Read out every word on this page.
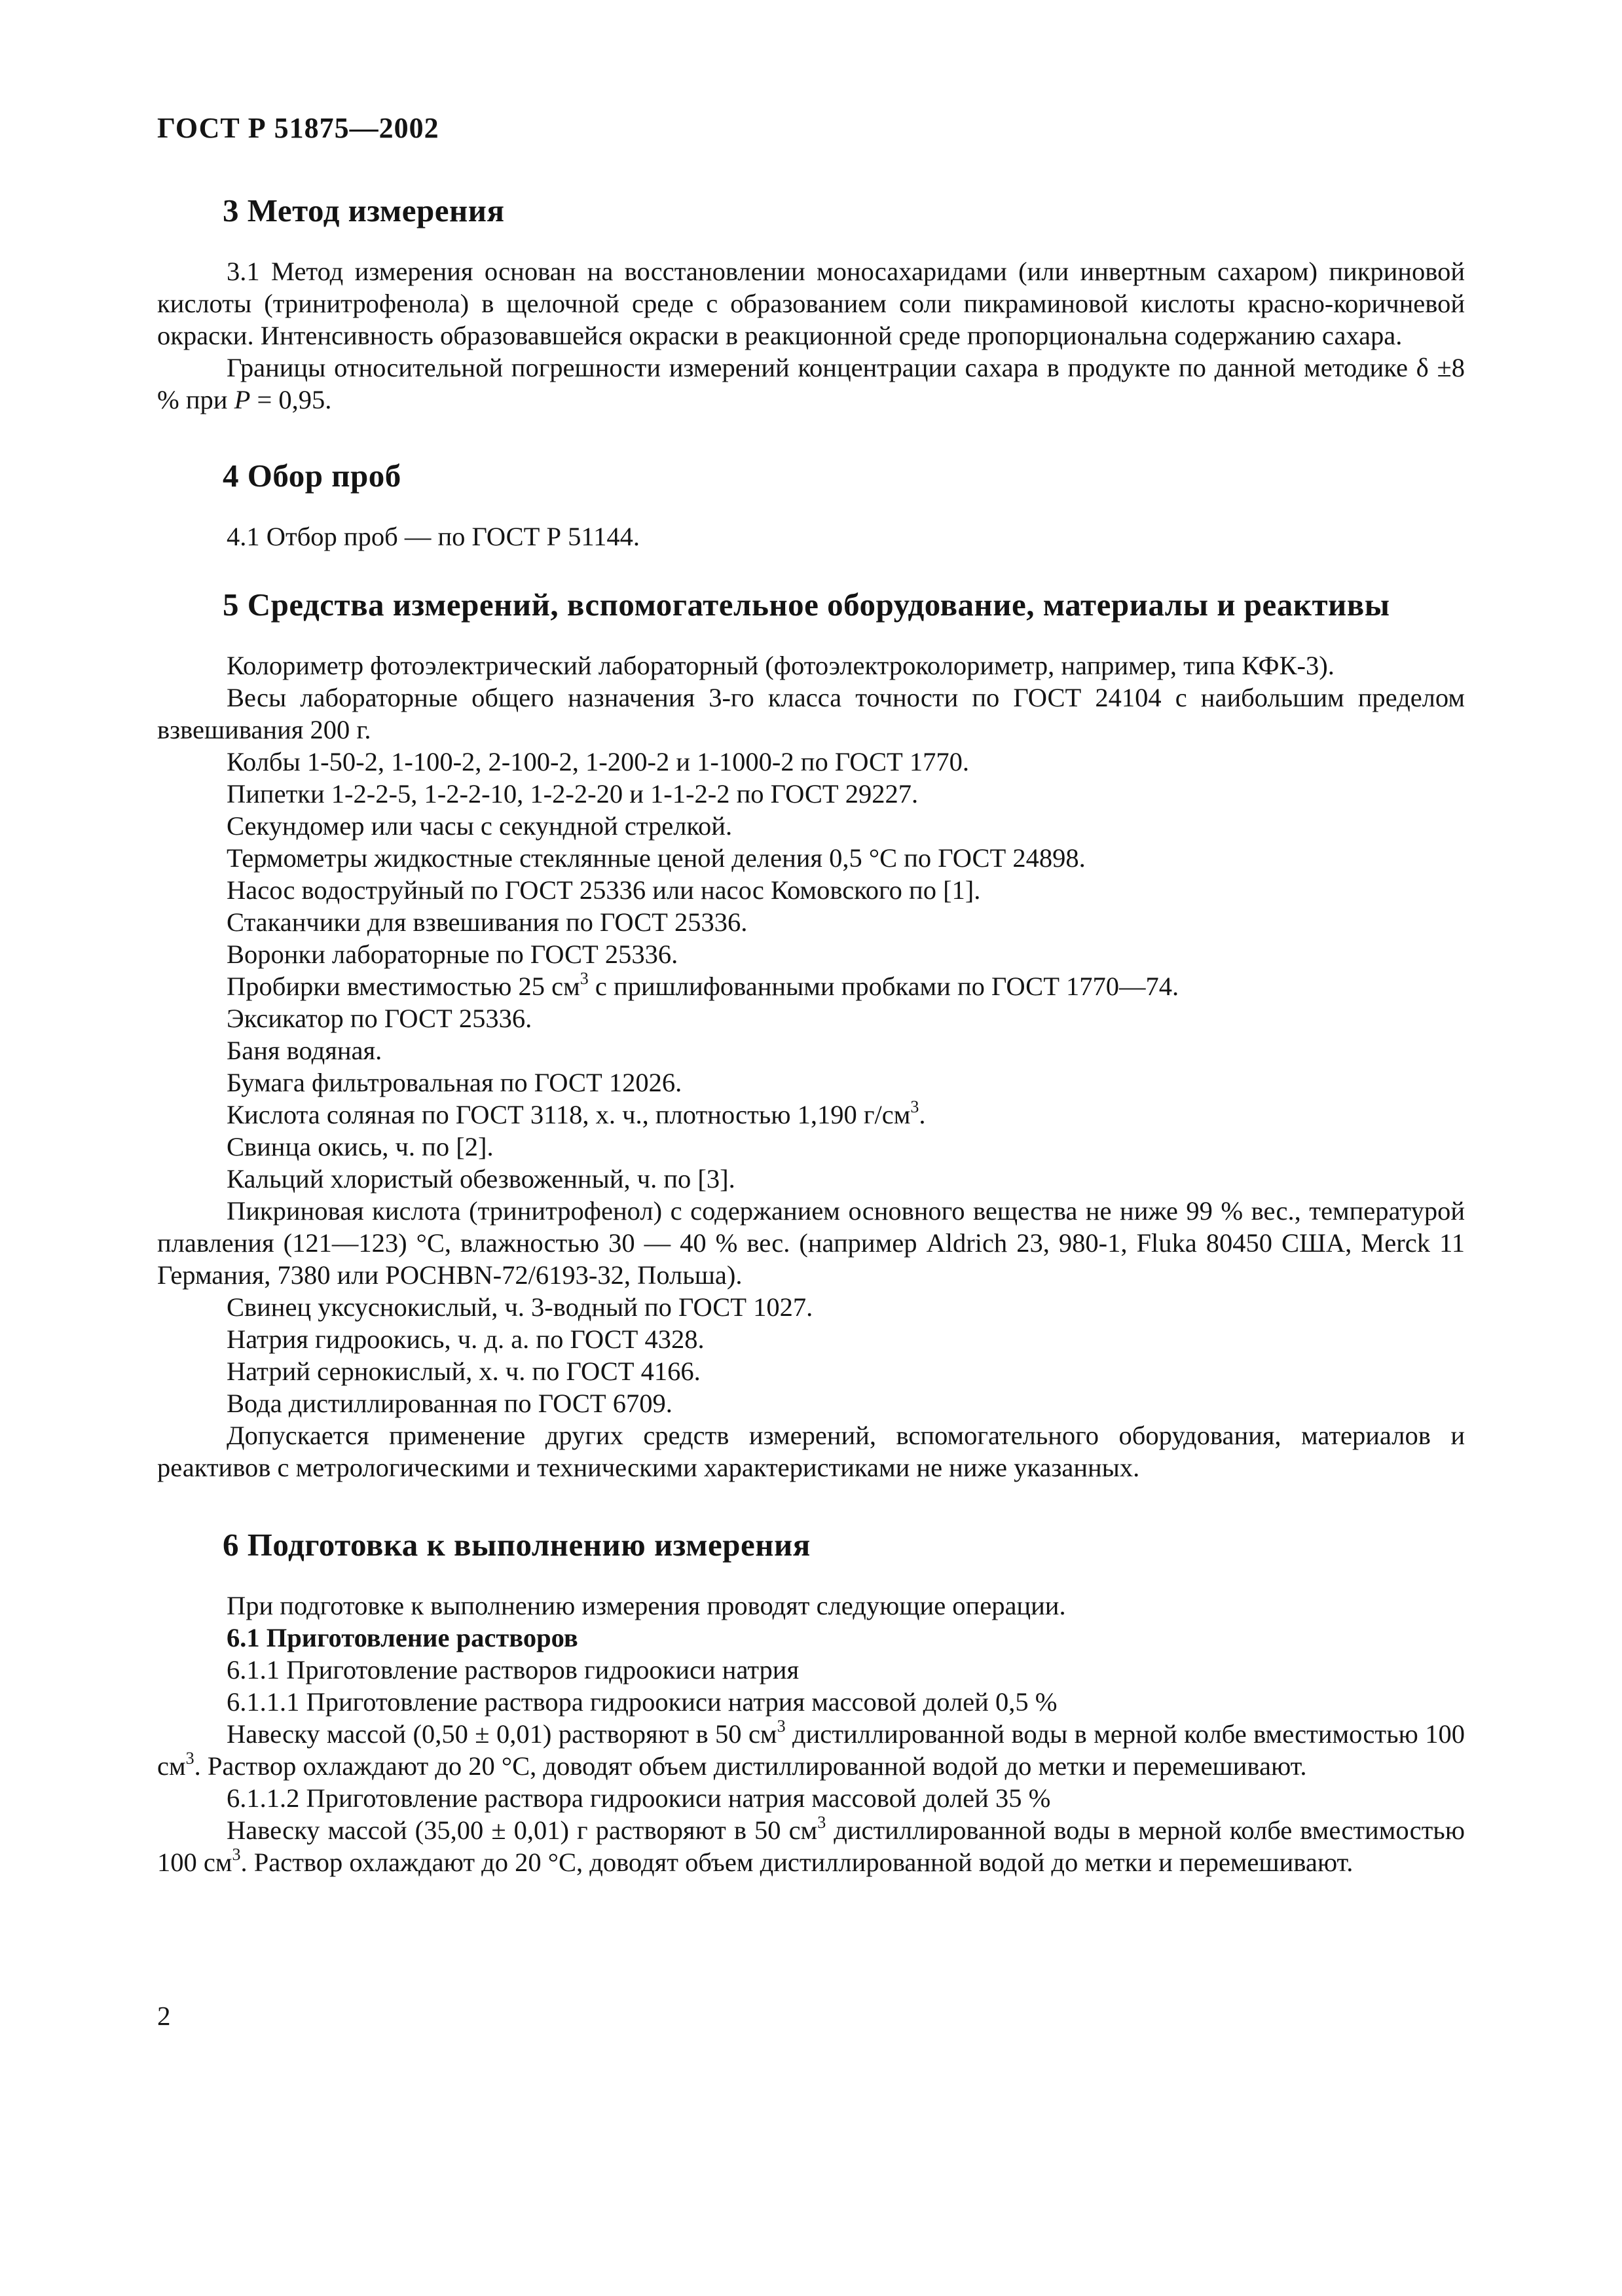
ГОСТ Р 51875—2002
3 Метод измерения

3.1 Метод измерения основан на восстановлении моносахаридами (или инвертным сахаром) пикриновой кислоты (тринитрофенола) в щелочной среде с образованием соли пикраминовой кислоты красно-коричневой окраски. Интенсивность образовавшейся окраски в реакционной среде пропорциональна содержанию сахара.

Границы относительной погрешности измерений концентрации сахара в продукте по данной методике δ ±8 % при P = 0,95.

4 Обор проб

4.1 Отбор проб — по ГОСТ Р 51144.

5 Средства измерений, вспомогательное оборудование, материалы и реактивы

Колориметр фотоэлектрический лабораторный (фотоэлектроколориметр, например, типа КФК-3).

Весы лабораторные общего назначения 3-го класса точности по ГОСТ 24104 с наибольшим пределом взвешивания 200 г.

Колбы 1-50-2, 1-100-2, 2-100-2, 1-200-2 и 1-1000-2 по ГОСТ 1770.

Пипетки 1-2-2-5, 1-2-2-10, 1-2-2-20 и 1-1-2-2 по ГОСТ 29227.

Секундомер или часы с секундной стрелкой.

Термометры жидкостные стеклянные ценой деления 0,5 °С по ГОСТ 24898.

Насос водоструйный по ГОСТ 25336 или насос Комовского по [1].

Стаканчики для взвешивания по ГОСТ 25336.

Воронки лабораторные по ГОСТ 25336.

Пробирки вместимостью 25 $см^3$ с пришлифованными пробками по ГОСТ 1770—74.

Эксикатор по ГОСТ 25336.

Баня водяная.

Бумага фильтровальная по ГОСТ 12026.

Кислота соляная по ГОСТ 3118, х. ч., плотностью 1,190 $г/см^3$.

Свинца окись, ч. по [2].

Кальций хлористый обезвоженный, ч. по [3].

Пикриновая кислота (тринитрофенол) с содержанием основного вещества не ниже 99 % вес., температурой плавления (121—123) °С, влажностью 30 — 40 % вес. (например Aldrich 23, 980-1, Fluka 80450 США, Merck 11 Германия, 7380 или POCHBN-72/6193-32, Польша).

Свинец уксуснокислый, ч. 3-водный по ГОСТ 1027.

Натрия гидроокись, ч. д. а. по ГОСТ 4328.

Натрий сернокислый, х. ч. по ГОСТ 4166.

Вода дистиллированная по ГОСТ 6709.

Допускается применение других средств измерений, вспомогательного оборудования, материалов и реактивов с метрологическими и техническими характеристиками не ниже указанных.

6 Подготовка к выполнению измерения

При подготовке к выполнению измерения проводят следующие операции.

6.1 Приготовление растворов

6.1.1 Приготовление растворов гидроокиси натрия

6.1.1.1 Приготовление раствора гидроокиси натрия массовой долей 0,5 %

Навеску массой (0,50 ± 0,01) растворяют в 50 $см^3$ дистиллированной воды в мерной колбе вместимостью 100 $см^3$. Раствор охлаждают до 20 °С, доводят объем дистиллированной водой до метки и перемешивают.

6.1.1.2 Приготовление раствора гидроокиси натрия массовой долей 35 %

Навеску массой (35,00 ± 0,01) г растворяют в 50 $см^3$ дистиллированной воды в мерной колбе вместимостью 100 $см^3$. Раствор охлаждают до 20 °С, доводят объем дистиллированной водой до метки и перемешивают.

2
